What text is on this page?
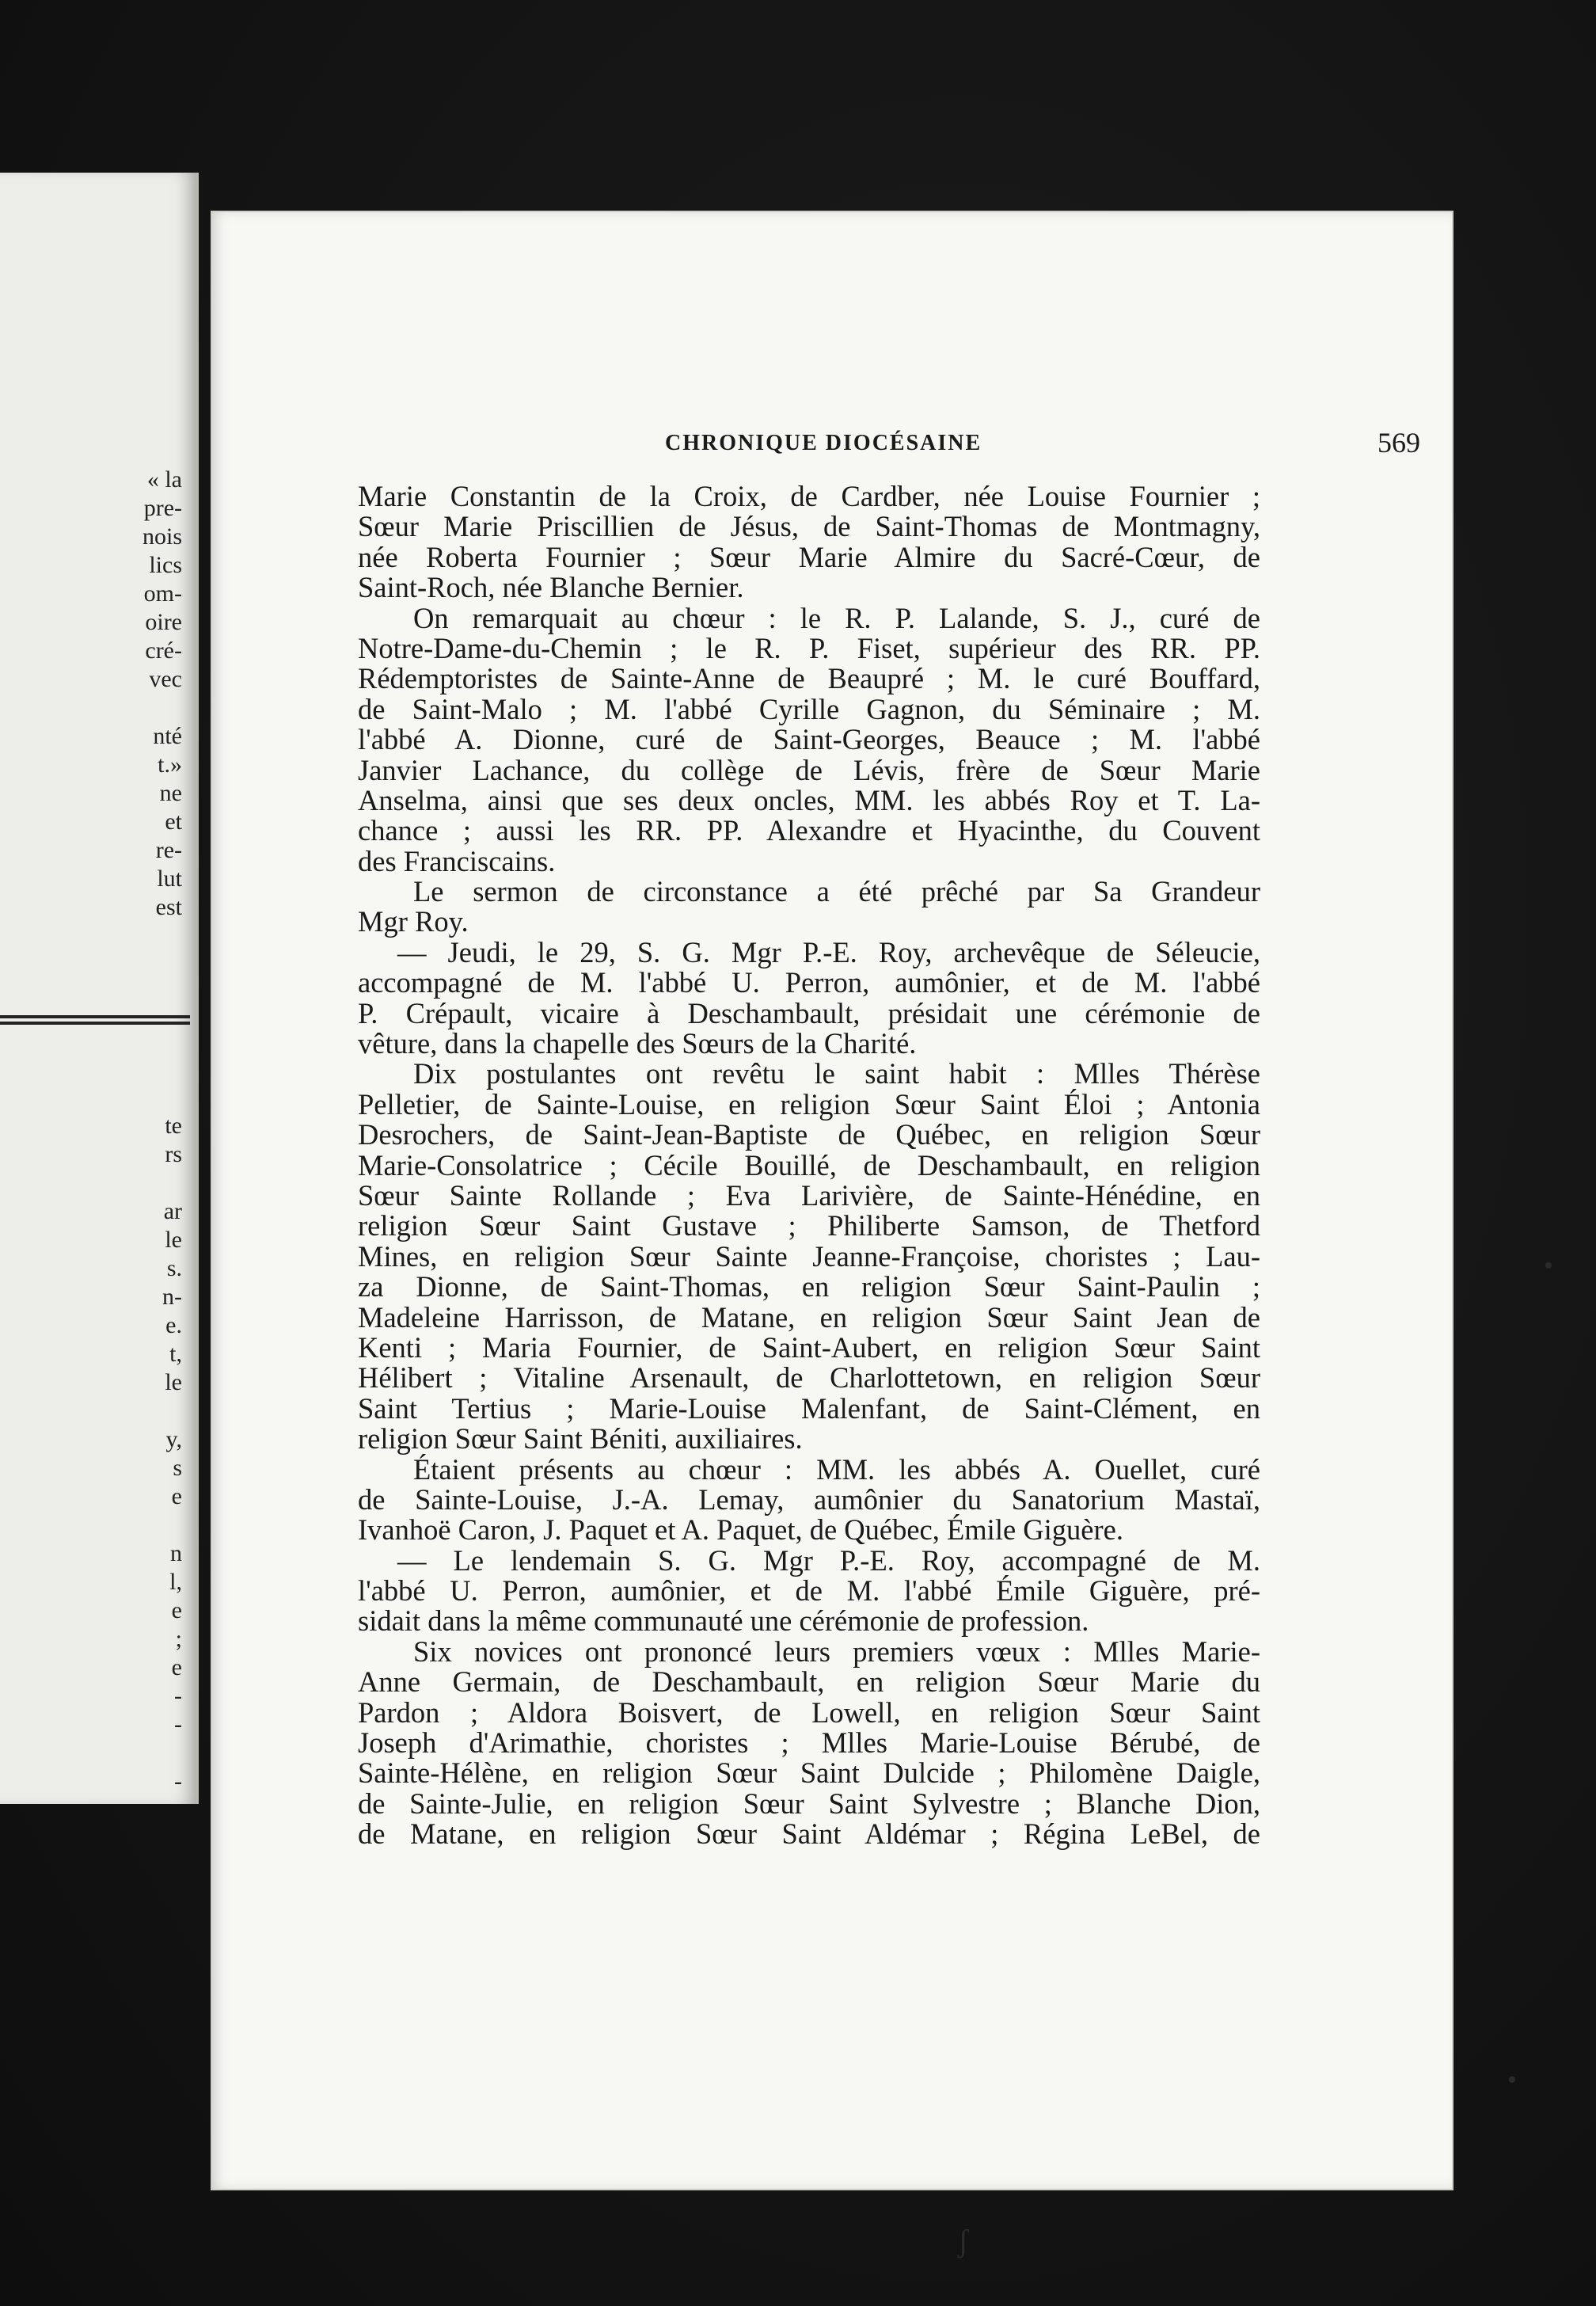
« la
pre-
nois
lics
om-
oire
cré-
vec

nté
t.»
ne
et
re-
lut
est
te
rs

ar
le
s.
n-
e.
t,
le

y,
s
e

n
l,
e
;
e
-
-

-
CHRONIQUE DIOCÉSAINE	569
Marie Constantin de la Croix, de Cardber, née Louise Fournier ;
Sœur Marie Priscillien de Jésus, de Saint-Thomas de Montmagny,
née Roberta Fournier ; Sœur Marie Almire du Sacré-Cœur, de
Saint-Roch, née Blanche Bernier.
On remarquait au chœur : le R. P. Lalande, S. J., curé de
Notre-Dame-du-Chemin ; le R. P. Fiset, supérieur des RR. PP.
Rédemptoristes de Sainte-Anne de Beaupré ; M. le curé Bouffard,
de Saint-Malo ; M. l'abbé Cyrille Gagnon, du Séminaire ; M.
l'abbé A. Dionne, curé de Saint-Georges, Beauce ; M. l'abbé
Janvier Lachance, du collège de Lévis, frère de Sœur Marie
Anselma, ainsi que ses deux oncles, MM. les abbés Roy et T. La-
chance ; aussi les RR. PP. Alexandre et Hyacinthe, du Couvent
des Franciscains.
Le sermon de circonstance a été prêché par Sa Grandeur
Mgr Roy.
— Jeudi, le 29, S. G. Mgr P.-E. Roy, archevêque de Séleucie,
accompagné de M. l'abbé U. Perron, aumônier, et de M. l'abbé
P. Crépault, vicaire à Deschambault, présidait une cérémonie de
vêture, dans la chapelle des Sœurs de la Charité.
Dix postulantes ont revêtu le saint habit : Mlles Thérèse
Pelletier, de Sainte-Louise, en religion Sœur Saint Éloi ; Antonia
Desrochers, de Saint-Jean-Baptiste de Québec, en religion Sœur
Marie-Consolatrice ; Cécile Bouillé, de Deschambault, en religion
Sœur Sainte Rollande ; Eva Larivière, de Sainte-Hénédine, en
religion Sœur Saint Gustave ; Philiberte Samson, de Thetford
Mines, en religion Sœur Sainte Jeanne-Françoise, choristes ; Lau-
za Dionne, de Saint-Thomas, en religion Sœur Saint-Paulin ;
Madeleine Harrisson, de Matane, en religion Sœur Saint Jean de
Kenti ; Maria Fournier, de Saint-Aubert, en religion Sœur Saint
Hélibert ; Vitaline Arsenault, de Charlottetown, en religion Sœur
Saint Tertius ; Marie-Louise Malenfant, de Saint-Clément, en
religion Sœur Saint Béniti, auxiliaires.
Étaient présents au chœur : MM. les abbés A. Ouellet, curé
de Sainte-Louise, J.-A. Lemay, aumônier du Sanatorium Mastaï,
Ivanhoë Caron, J. Paquet et A. Paquet, de Québec, Émile Giguère.
— Le lendemain S. G. Mgr P.-E. Roy, accompagné de M.
l'abbé U. Perron, aumônier, et de M. l'abbé Émile Giguère, pré-
sidait dans la même communauté une cérémonie de profession.
Six novices ont prononcé leurs premiers vœux : Mlles Marie-
Anne Germain, de Deschambault, en religion Sœur Marie du
Pardon ; Aldora Boisvert, de Lowell, en religion Sœur Saint
Joseph d'Arimathie, choristes ; Mlles Marie-Louise Bérubé, de
Sainte-Hélène, en religion Sœur Saint Dulcide ; Philomène Daigle,
de Sainte-Julie, en religion Sœur Saint Sylvestre ; Blanche Dion,
de Matane, en religion Sœur Saint Aldémar ; Régina LeBel, de
•
•
ʃ
